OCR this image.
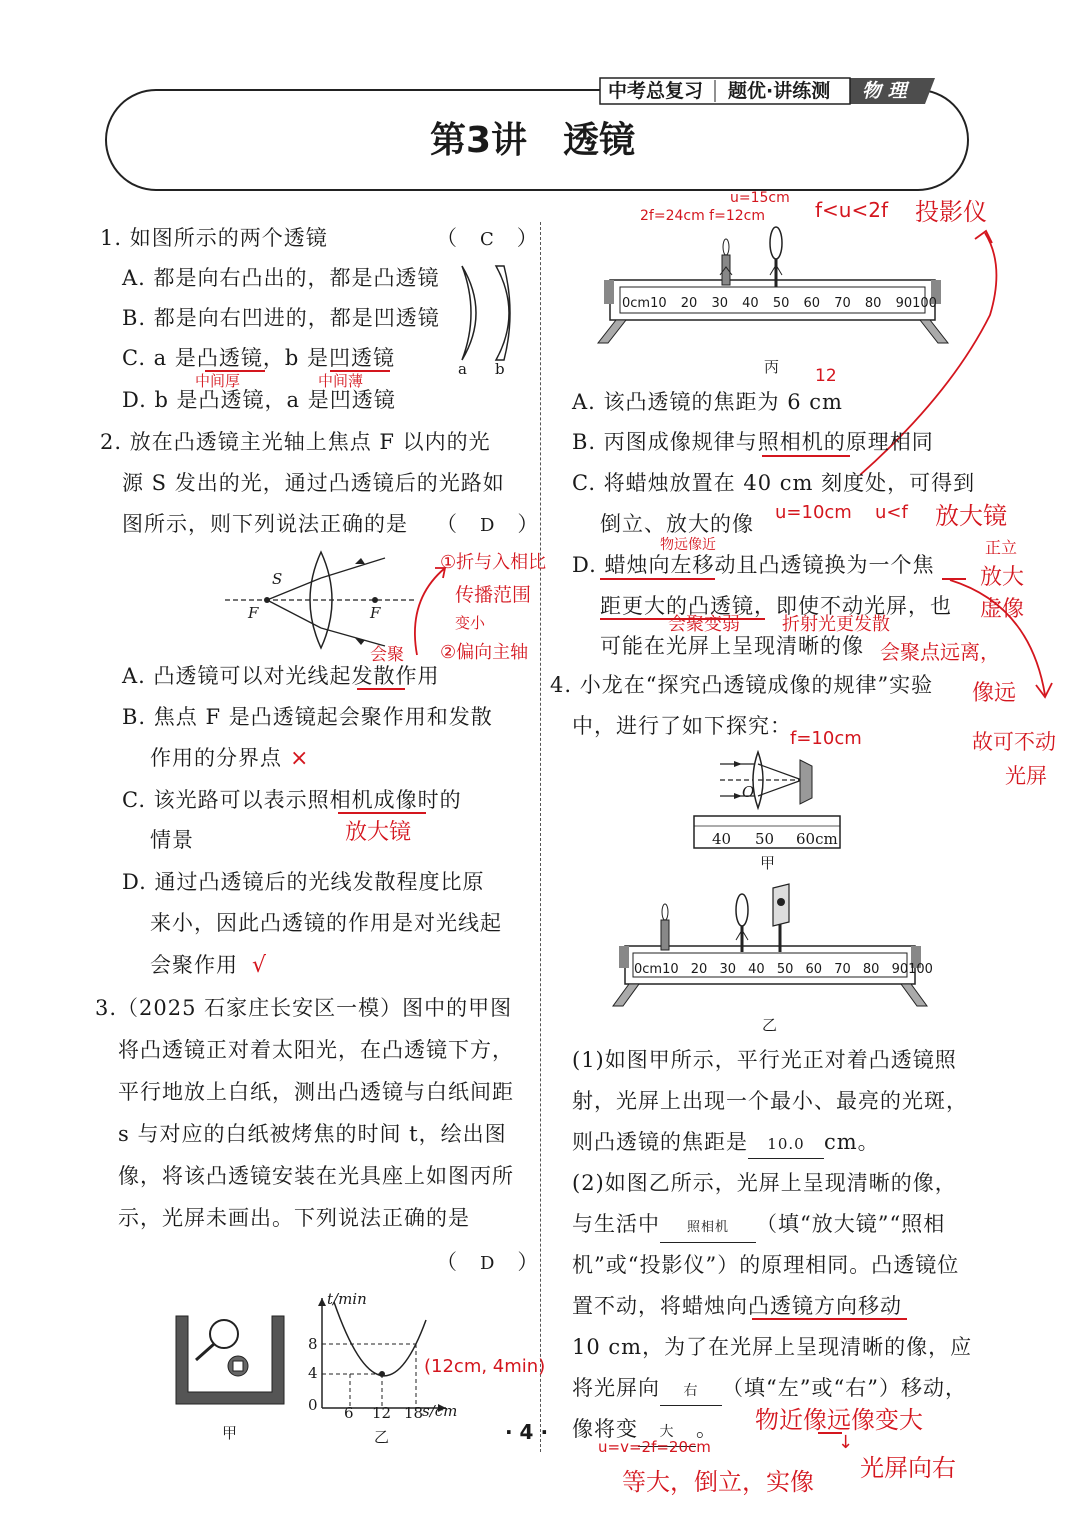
中考总复习 题优·讲练测 物 理
第3讲　透镜
1. 如图所示的两个透镜	（　C　）
A. 都是向右凸出的，都是凸透镜
B. 都是向右凹进的，都是凹透镜
C. a 是凸透镜，b 是凹透镜
D. b 是凸透镜，a 是凹透镜
中间厚	中间薄
a b
2. 放在凸透镜主光轴上焦点 F 以内的光
源 S 发出的光，通过凸透镜后的光路如
图所示，则下列说法正确的是 （　D　）
S
F	F
①折与入相比
传播范围
变小
②偏向主轴
会聚
A. 凸透镜可以对光线起发散作用
B. 焦点 F 是凸透镜起会聚作用和发散
作用的分界点 ×
C. 该光路可以表示照相机成像时的
放大镜
情景
D. 通过凸透镜后的光线发散程度比原
来小，因此凸透镜的作用是对光线起
会聚作用 √
3.（2025 石家庄长安区一模）图中的甲图
将凸透镜正对着太阳光，在凸透镜下方，
平行地放上白纸，测出凸透镜与白纸间距
s 与对应的白纸被烤焦的时间 t，绘出图
像，将该凸透镜安装在光具座上如图丙所
示，光屏未画出。下列说法正确的是
（　D　）
甲
t/min
s/cm
8
4
0 6 12 18
乙
(12cm, 4min)
u=15cm
2f=24cm f=12cm	f<u<2f 投影仪
0cm10 20 30 40 50 60 70 80 90100
丙 12
A. 该凸透镜的焦距为 6 cm
B. 丙图成像规律与照相机的原理相同
C. 将蜡烛放置在 40 cm 刻度处，可得到
倒立、放大的像 u=10cm u<f 放大镜
正立
放大
虚像
物远像近
D. 蜡烛向左移动且凸透镜换为一个焦
距更大的凸透镜，即使不动光屏，也
会聚变弱 折射光更发散
可能在光屏上呈现清晰的像 会聚点远离，
像远
故可不动
光屏
4. 小龙在“探究凸透镜成像的规律”实验
中，进行了如下探究：
f=10cm
O
40 50 60cm
甲
0cm10 20 30 40 50 60 70 80 90100
乙
(1)如图甲所示，平行光正对着凸透镜照
射，光屏上出现一个最小、最亮的光斑，
则凸透镜的焦距是 10.0 cm。
(2)如图乙所示，光屏上呈现清晰的像，
与生活中 照相机 （填“放大镜”“照相
机”或“投影仪”）的原理相同。凸透镜位
置不动，将蜡烛向凸透镜方向移动
10 cm，为了在光屏上呈现清晰的像，应
将光屏向 右 （填“左”或“右”）移动，
像将变 大 。 物近像远像变大
↓
光屏向右
u=v=2f=20cm
等大，倒立，实像
· 4 ·
